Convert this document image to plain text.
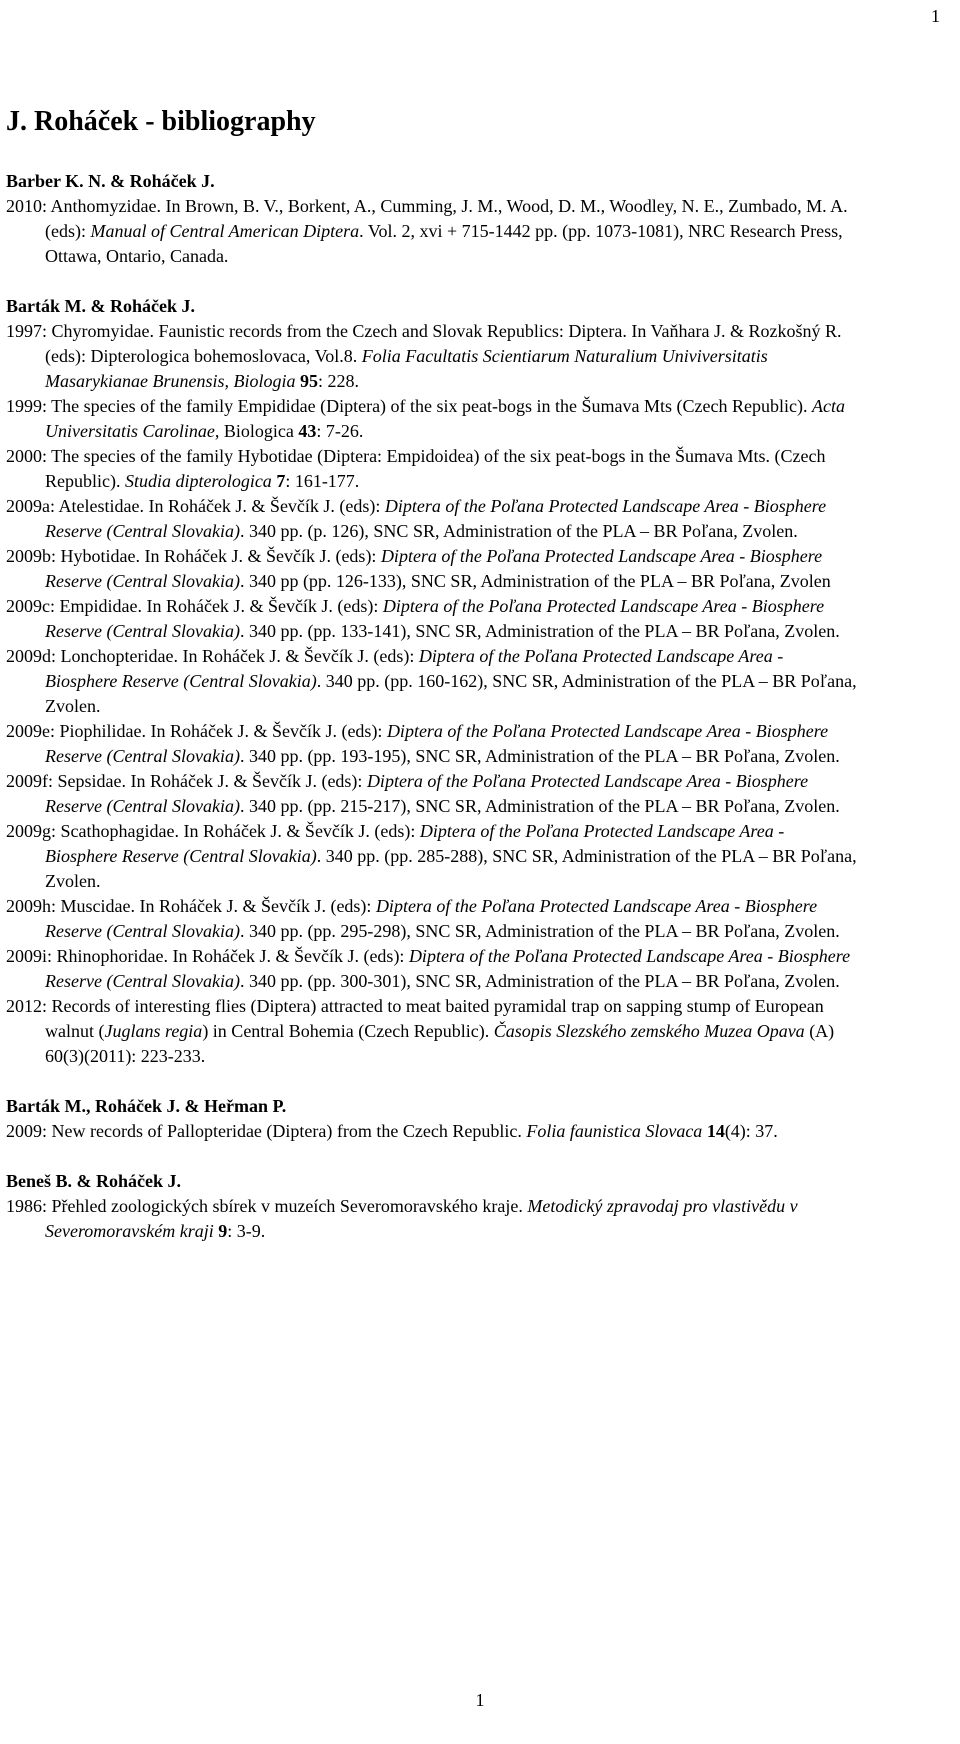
1
J. Roháček - bibliography

Barber K. N. & Roháček J.

2010: Anthomyzidae. In Brown, B. V., Borkent, A., Cumming, J. M., Wood, D. M., Woodley, N. E., Zumbado, M. A. (eds): Manual of Central American Diptera. Vol. 2, xvi + 715-1442 pp. (pp. 1073-1081), NRC Research Press, Ottawa, Ontario, Canada.

Barták M. & Roháček J.

1997: Chyromyidae. Faunistic records from the Czech and Slovak Republics: Diptera. In Vaňhara J. & Rozkošný R. (eds): Dipterologica bohemoslovaca, Vol.8. Folia Facultatis Scientiarum Naturalium Univiversitatis Masarykianae Brunensis, Biologia 95: 228.

1999: The species of the family Empididae (Diptera) of the six peat-bogs in the Šumava Mts (Czech Republic). Acta Universitatis Carolinae, Biologica 43: 7-26.

2000: The species of the family Hybotidae (Diptera: Empidoidea) of the six peat-bogs in the Šumava Mts. (Czech Republic). Studia dipterologica 7: 161-177.

2009a: Atelestidae. In Roháček J. & Ševčík J. (eds): Diptera of the Poľana Protected Landscape Area - Biosphere Reserve (Central Slovakia). 340 pp. (p. 126), SNC SR, Administration of the PLA – BR Poľana, Zvolen.

2009b: Hybotidae. In Roháček J. & Ševčík J. (eds): Diptera of the Poľana Protected Landscape Area - Biosphere Reserve (Central Slovakia). 340 pp (pp. 126-133), SNC SR, Administration of the PLA – BR Poľana, Zvolen

2009c: Empididae. In Roháček J. & Ševčík J. (eds): Diptera of the Poľana Protected Landscape Area - Biosphere Reserve (Central Slovakia). 340 pp. (pp. 133-141), SNC SR, Administration of the PLA – BR Poľana, Zvolen.

2009d: Lonchopteridae. In Roháček J. & Ševčík J. (eds): Diptera of the Poľana Protected Landscape Area - Biosphere Reserve (Central Slovakia). 340 pp. (pp. 160-162), SNC SR, Administration of the PLA – BR Poľana, Zvolen.

2009e: Piophilidae. In Roháček J. & Ševčík J. (eds): Diptera of the Poľana Protected Landscape Area - Biosphere Reserve (Central Slovakia). 340 pp. (pp. 193-195), SNC SR, Administration of the PLA – BR Poľana, Zvolen.

2009f: Sepsidae. In Roháček J. & Ševčík J. (eds): Diptera of the Poľana Protected Landscape Area - Biosphere Reserve (Central Slovakia). 340 pp. (pp. 215-217), SNC SR, Administration of the PLA – BR Poľana, Zvolen.

2009g: Scathophagidae. In Roháček J. & Ševčík J. (eds): Diptera of the Poľana Protected Landscape Area - Biosphere Reserve (Central Slovakia). 340 pp. (pp. 285-288), SNC SR, Administration of the PLA – BR Poľana, Zvolen.

2009h: Muscidae. In Roháček J. & Ševčík J. (eds): Diptera of the Poľana Protected Landscape Area - Biosphere Reserve (Central Slovakia). 340 pp. (pp. 295-298), SNC SR, Administration of the PLA – BR Poľana, Zvolen.

2009i: Rhinophoridae. In Roháček J. & Ševčík J. (eds): Diptera of the Poľana Protected Landscape Area - Biosphere Reserve (Central Slovakia). 340 pp. (pp. 300-301), SNC SR, Administration of the PLA – BR Poľana, Zvolen.

2012: Records of interesting flies (Diptera) attracted to meat baited pyramidal trap on sapping stump of European walnut (Juglans regia) in Central Bohemia (Czech Republic). Časopis Slezského zemského Muzea Opava (A) 60(3)(2011): 223-233.

Barták M., Roháček J. & Heřman P.

2009: New records of Pallopteridae (Diptera) from the Czech Republic. Folia faunistica Slovaca 14(4): 37.

Beneš B. & Roháček J.

1986: Přehled zoologických sbírek v muzeích Severomoravského kraje. Metodický zpravodaj pro vlastivědu v Severomoravském kraji 9: 3-9.

1
